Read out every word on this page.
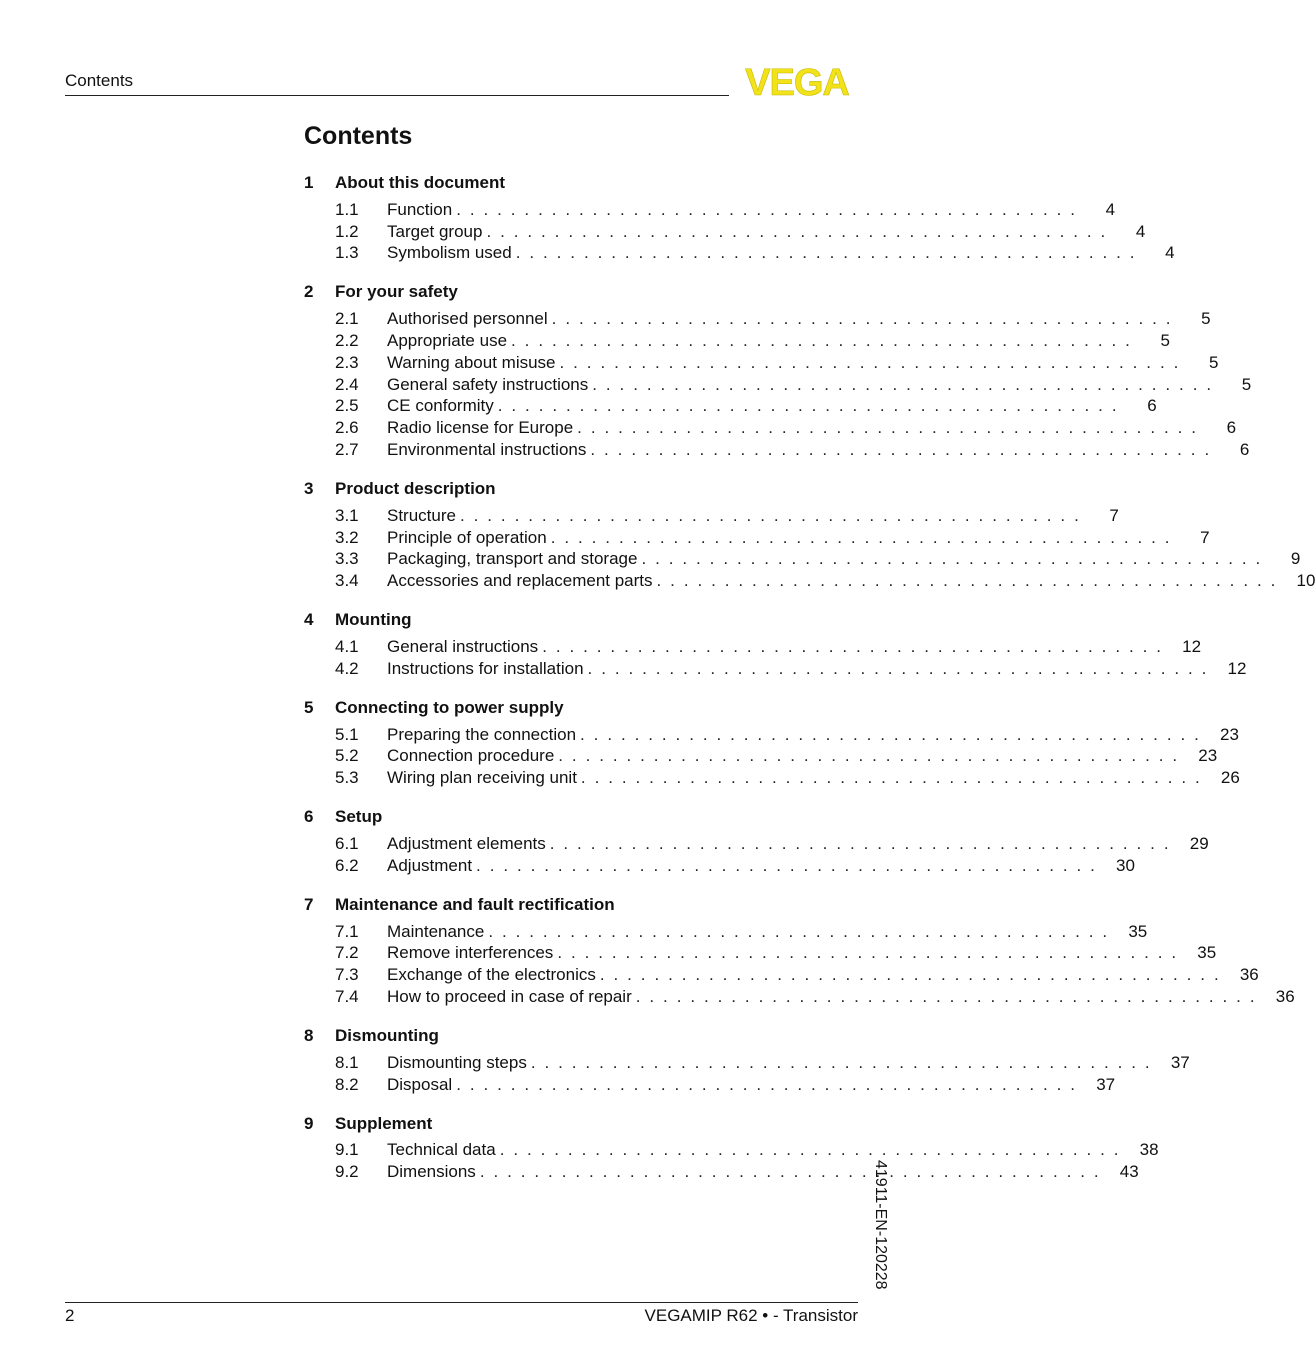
Contents	VEGA
Contents
1	About this document
1.1	Function . . . . . . . . . . . . . . . . . . . . . . . . . . . . . . . . . . . . . . . . . . . . . .	4
1.2	Target group . . . . . . . . . . . . . . . . . . . . . . . . . . . . . . . . . . . . . . . . . . . . . .	4
1.3	Symbolism used . . . . . . . . . . . . . . . . . . . . . . . . . . . . . . . . . . . . . . . . . . . . . .	4
2	For your safety
2.1	Authorised personnel . . . . . . . . . . . . . . . . . . . . . . . . . . . . . . . . . . . . . . . . . . . . . .	5
2.2	Appropriate use . . . . . . . . . . . . . . . . . . . . . . . . . . . . . . . . . . . . . . . . . . . . . .	5
2.3	Warning about misuse . . . . . . . . . . . . . . . . . . . . . . . . . . . . . . . . . . . . . . . . . . . . . .	5
2.4	General safety instructions . . . . . . . . . . . . . . . . . . . . . . . . . . . . . . . . . . . . . . . . . . . . . .	5
2.5	CE conformity . . . . . . . . . . . . . . . . . . . . . . . . . . . . . . . . . . . . . . . . . . . . . .	6
2.6	Radio license for Europe . . . . . . . . . . . . . . . . . . . . . . . . . . . . . . . . . . . . . . . . . . . . . .	6
2.7	Environmental instructions . . . . . . . . . . . . . . . . . . . . . . . . . . . . . . . . . . . . . . . . . . . . . .	6
3	Product description
3.1	Structure . . . . . . . . . . . . . . . . . . . . . . . . . . . . . . . . . . . . . . . . . . . . . .	7
3.2	Principle of operation . . . . . . . . . . . . . . . . . . . . . . . . . . . . . . . . . . . . . . . . . . . . . .	7
3.3	Packaging, transport and storage . . . . . . . . . . . . . . . . . . . . . . . . . . . . . . . . . . . . . . . . . . . . . .	9
3.4	Accessories and replacement parts . . . . . . . . . . . . . . . . . . . . . . . . . . . . . . . . . . . . . . . . . . . . . .	10
4	Mounting
4.1	General instructions . . . . . . . . . . . . . . . . . . . . . . . . . . . . . . . . . . . . . . . . . . . . . .	12
4.2	Instructions for installation . . . . . . . . . . . . . . . . . . . . . . . . . . . . . . . . . . . . . . . . . . . . . .	12
5	Connecting to power supply
5.1	Preparing the connection . . . . . . . . . . . . . . . . . . . . . . . . . . . . . . . . . . . . . . . . . . . . . .	23
5.2	Connection procedure . . . . . . . . . . . . . . . . . . . . . . . . . . . . . . . . . . . . . . . . . . . . . .	23
5.3	Wiring plan receiving unit . . . . . . . . . . . . . . . . . . . . . . . . . . . . . . . . . . . . . . . . . . . . . .	26
6	Setup
6.1	Adjustment elements . . . . . . . . . . . . . . . . . . . . . . . . . . . . . . . . . . . . . . . . . . . . . .	29
6.2	Adjustment . . . . . . . . . . . . . . . . . . . . . . . . . . . . . . . . . . . . . . . . . . . . . .	30
7	Maintenance and fault rectification
7.1	Maintenance . . . . . . . . . . . . . . . . . . . . . . . . . . . . . . . . . . . . . . . . . . . . . .	35
7.2	Remove interferences . . . . . . . . . . . . . . . . . . . . . . . . . . . . . . . . . . . . . . . . . . . . . .	35
7.3	Exchange of the electronics . . . . . . . . . . . . . . . . . . . . . . . . . . . . . . . . . . . . . . . . . . . . . .	36
7.4	How to proceed in case of repair . . . . . . . . . . . . . . . . . . . . . . . . . . . . . . . . . . . . . . . . . . . . . .	36
8	Dismounting
8.1	Dismounting steps . . . . . . . . . . . . . . . . . . . . . . . . . . . . . . . . . . . . . . . . . . . . . .	37
8.2	Disposal . . . . . . . . . . . . . . . . . . . . . . . . . . . . . . . . . . . . . . . . . . . . . .	37
9	Supplement
9.1	Technical data . . . . . . . . . . . . . . . . . . . . . . . . . . . . . . . . . . . . . . . . . . . . . .	38
9.2	Dimensions . . . . . . . . . . . . . . . . . . . . . . . . . . . . . . . . . . . . . . . . . . . . . .	43
41911-EN-120228
2	VEGAMIP R62 • - Transistor
